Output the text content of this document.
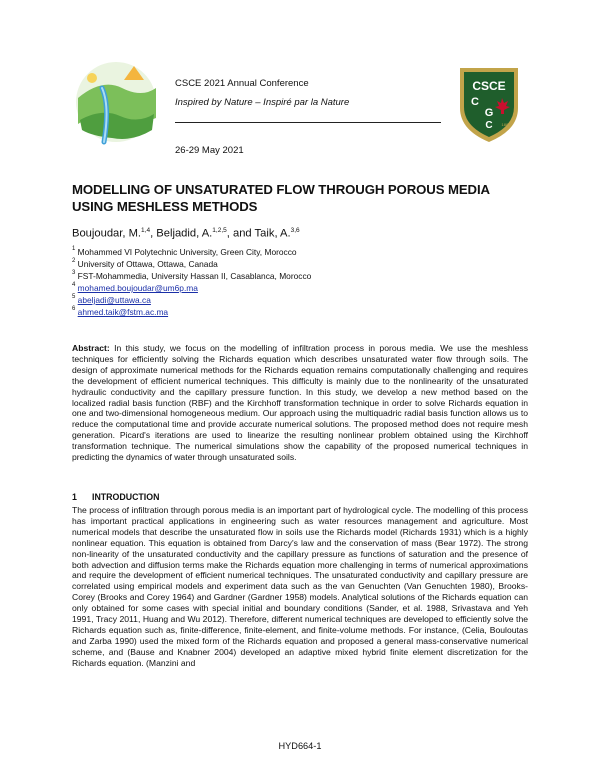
CSCE 2021 Annual Conference
Inspired by Nature – Inspiré par la Nature
26-29 May 2021
CSCE
C
G
C 1887
MODELLING OF UNSATURATED FLOW THROUGH POROUS MEDIA
USING MESHLESS METHODS
Boujoudar, M.$^{1,4}$, Beljadid, A.$^{1,2,5}$, and Taik, A.$^{3,6}$
$^1$ Mohammed VI Polytechnic University, Green City, Morocco
$^2$ University of Ottawa, Ottawa, Canada
$^3$ FST-Mohammedia, University Hassan II, Casablanca, Morocco
$^4$ mohamed.boujoudar@um6p.ma
$^5$ abeljadi@uttawa.ca
$^6$ ahmed.taik@fstm.ac.ma
Abstract: In this study, we focus on the modelling of infiltration process in porous media. We use the meshless techniques for efficiently solving the Richards equation which describes unsaturated water flow through soils. The design of approximate numerical methods for the Richards equation remains computationally challenging and requires the development of efficient numerical techniques. This difficulty is mainly due to the nonlinearity of the unsaturated hydraulic conductivity and the capillary pressure function. In this study, we develop a new method based on the localized radial basis function (RBF) and the Kirchhoff transformation technique in order to solve Richards equation in one and two-dimensional homogeneous medium. Our approach using the multiquadric radial basis function allows us to reduce the computational time and provide accurate numerical solutions. The proposed method does not require mesh generation. Picard's iterations are used to linearize the resulting nonlinear problem obtained using the Kirchhoff transformation technique. The numerical simulations show the capability of the proposed numerical techniques in predicting the dynamics of water through unsaturated soils.
1 INTRODUCTION
The process of infiltration through porous media is an important part of hydrological cycle. The modelling of this process has important practical applications in engineering such as water resources management and agriculture. Most numerical models that describe the unsaturated flow in soils use the Richards model (Richards 1931) which is a highly nonlinear equation. This equation is obtained from Darcy's law and the conservation of mass (Bear 1972). The strong non-linearity of the unsaturated conductivity and the capillary pressure as functions of saturation and the presence of both advection and diffusion terms make the Richards equation more challenging in terms of numerical approximations and require the development of efficient numerical techniques. The unsaturated conductivity and capillary pressure are correlated using empirical models and experiment data such as the van Genuchten (Van Genuchten 1980), Brooks-Corey (Brooks and Corey 1964) and Gardner (Gardner 1958) models. Analytical solutions of the Richards equation can only obtained for some cases with special initial and boundary conditions (Sander, et al. 1988, Srivastava and Yeh 1991, Tracy 2011, Huang and Wu 2012). Therefore, different numerical techniques are developed to efficiently solve the Richards equation such as, finite-difference, finite-element, and finite-volume methods. For instance, (Celia, Bouloutas and Zarba 1990) used the mixed form of the Richards equation and proposed a general mass-conservative numerical scheme, and (Bause and Knabner 2004) developed an adaptive mixed hybrid finite element discretization for the Richards equation. (Manzini and
HYD664-1
